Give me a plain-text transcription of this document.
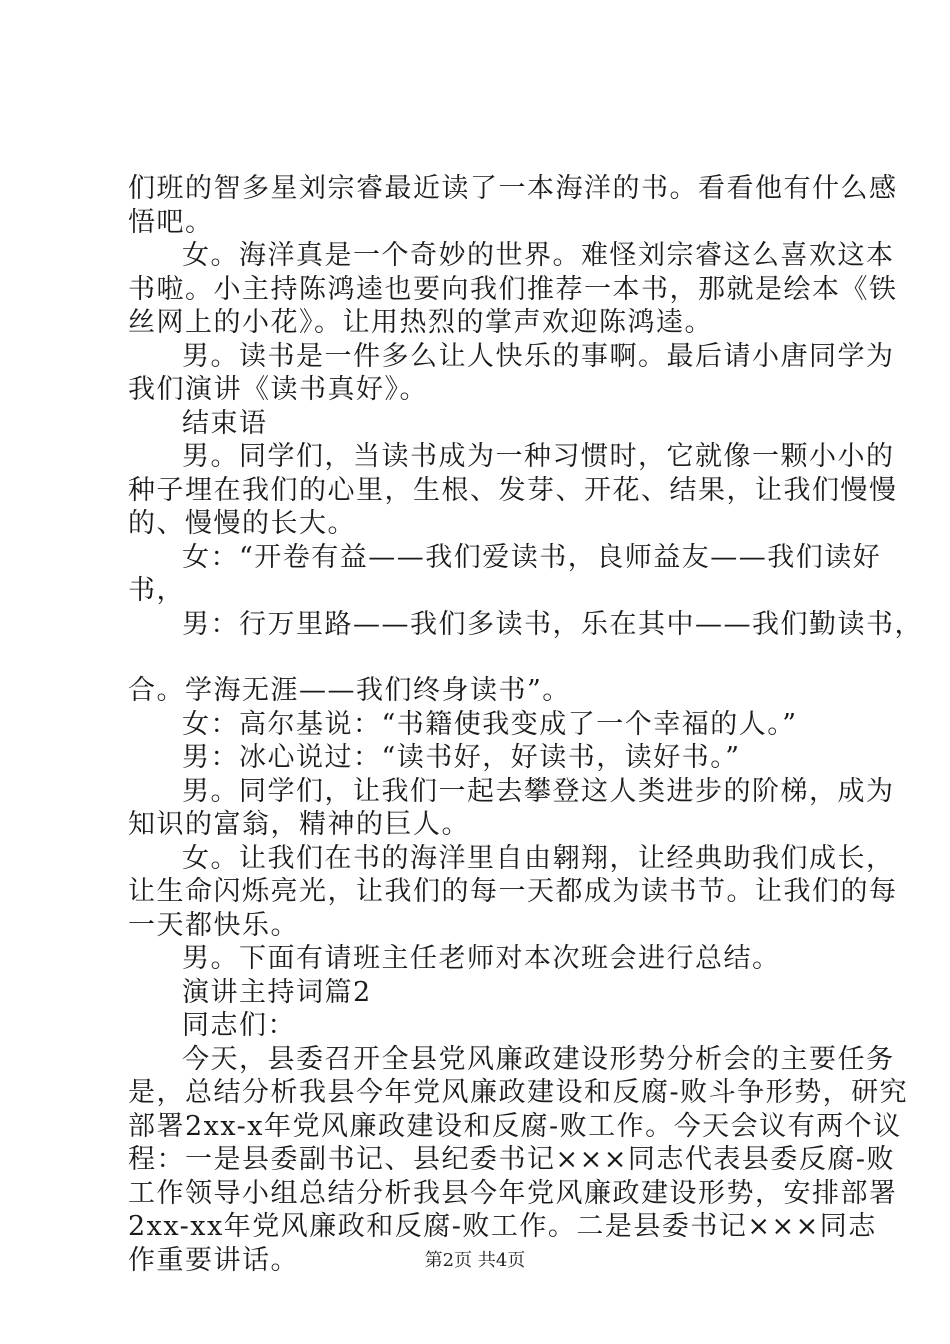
们班的智多星刘宗睿最近读了一本海洋的书。看看他有什么感
悟吧。
女。海洋真是一个奇妙的世界。难怪刘宗睿这么喜欢这本
书啦。小主持陈鸿逵也要向我们推荐一本书，那就是绘本《铁
丝网上的小花》。让用热烈的掌声欢迎陈鸿逵。
男。读书是一件多么让人快乐的事啊。最后请小唐同学为
我们演讲《读书真好》。
结束语
男。同学们，当读书成为一种习惯时，它就像一颗小小的
种子埋在我们的心里，生根、发芽、开花、结果，让我们慢慢
的、慢慢的长大。
女：“开卷有益——我们爱读书，良师益友——我们读好
书，
男：行万里路——我们多读书，乐在其中——我们勤读书，
合。学海无涯——我们终身读书”。
女：高尔基说：“书籍使我变成了一个幸福的人。”
男：冰心说过：“读书好，好读书，读好书。”
男。同学们，让我们一起去攀登这人类进步的阶梯，成为
知识的富翁，精神的巨人。
女。让我们在书的海洋里自由翱翔，让经典助我们成长，
让生命闪烁亮光，让我们的每一天都成为读书节。让我们的每
一天都快乐。
男。下面有请班主任老师对本次班会进行总结。
演讲主持词篇2
同志们：
今天，县委召开全县党风廉政建设形势分析会的主要任务
是，总结分析我县今年党风廉政建设和反腐-败斗争形势，研究
部署2xx-x年党风廉政建设和反腐-败工作。今天会议有两个议
程：一是县委副书记、县纪委书记×××同志代表县委反腐-败
工作领导小组总结分析我县今年党风廉政建设形势，安排部署
2xx-xx年党风廉政和反腐-败工作。二是县委书记×××同志
作重要讲话。	第2页 共4页
